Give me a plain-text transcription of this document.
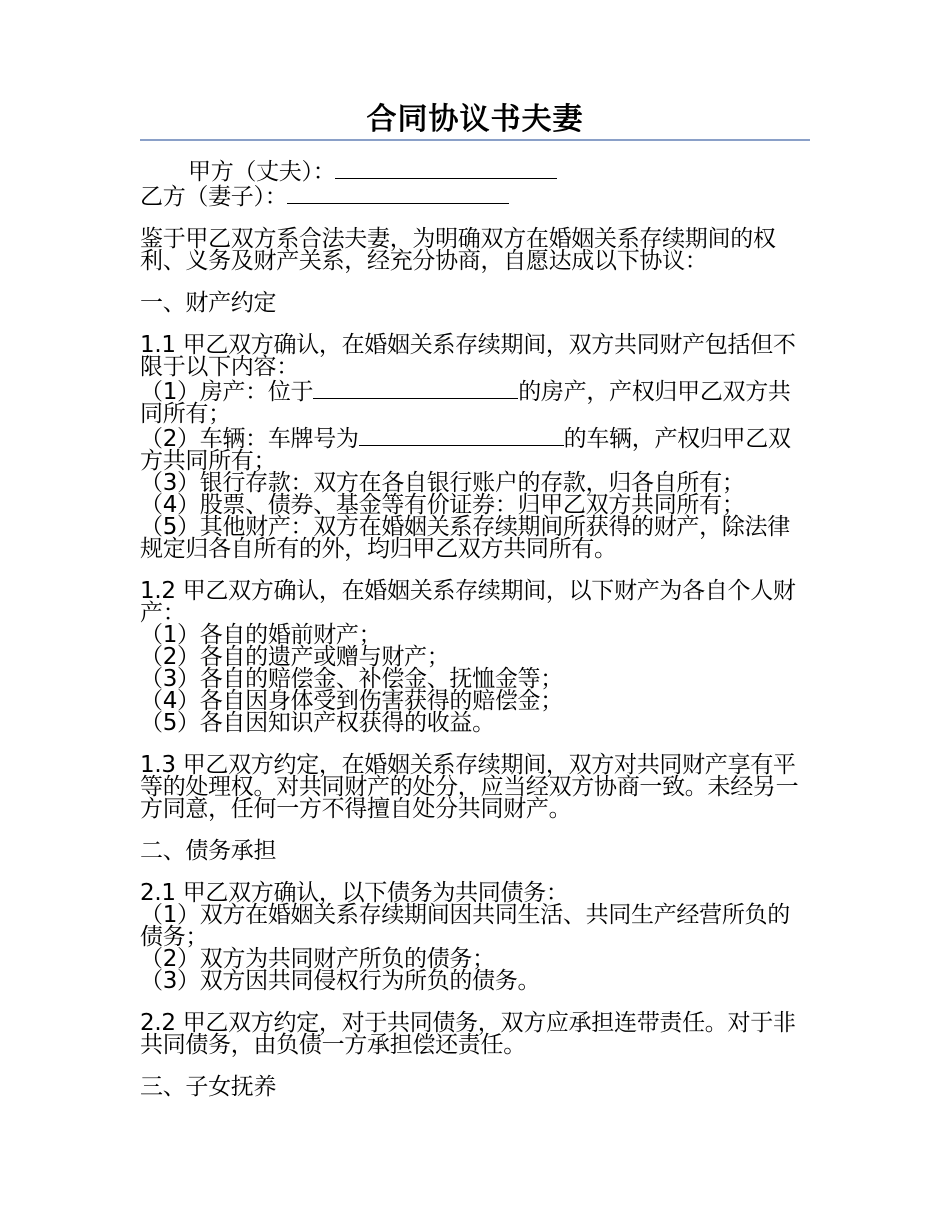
合同协议书夫妻

甲方（丈夫）：

乙方（妻子）：

鉴于甲乙双方系合法夫妻，为明确双方在婚姻关系存续期间的权利、义务及财产关系，经充分协商，自愿达成以下协议：

一、财产约定

1.1 甲乙双方确认，在婚姻关系存续期间，双方共同财产包括但不限于以下内容：

（1）房产：位于	的房产，产权归甲乙双方共同所有；

（2）车辆：车牌号为	的车辆，产权归甲乙双方共同所有；

（3）银行存款：双方在各自银行账户的存款，归各自所有；

（4）股票、债券、基金等有价证券：归甲乙双方共同所有；

（5）其他财产：双方在婚姻关系存续期间所获得的财产，除法律规定归各自所有的外，均归甲乙双方共同所有。

1.2 甲乙双方确认，在婚姻关系存续期间，以下财产为各自个人财产：

（1）各自的婚前财产；

（2）各自的遗产或赠与财产；

（3）各自的赔偿金、补偿金、抚恤金等；

（4）各自因身体受到伤害获得的赔偿金；

（5）各自因知识产权获得的收益。

1.3 甲乙双方约定，在婚姻关系存续期间，双方对共同财产享有平等的处理权。对共同财产的处分，应当经双方协商一致。未经另一方同意，任何一方不得擅自处分共同财产。

二、债务承担

2.1 甲乙双方确认，以下债务为共同债务：

（1）双方在婚姻关系存续期间因共同生活、共同生产经营所负的债务；

（2）双方为共同财产所负的债务；

（3）双方因共同侵权行为所负的债务。

2.2 甲乙双方约定，对于共同债务，双方应承担连带责任。对于非共同债务，由负债一方承担偿还责任。

三、子女抚养
